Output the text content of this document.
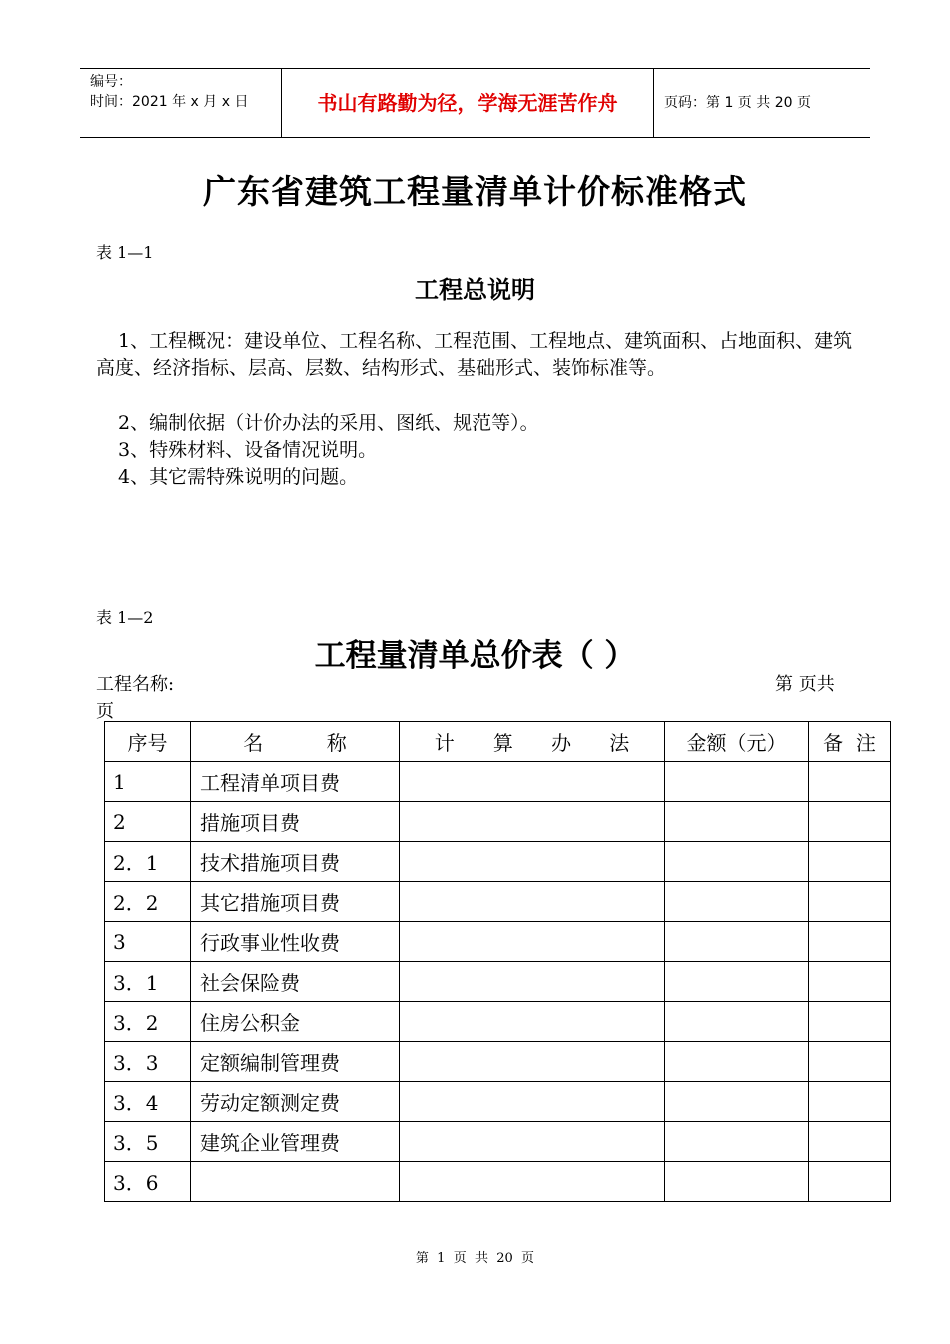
编号：
时间：2021 年 x 月 x 日	书山有路勤为径，学海无涯苦作舟	页码：第 1 页 共 20 页
广东省建筑工程量清单计价标准格式
表 1—1
工程总说明
1、工程概况：建设单位、工程名称、工程范围、工程地点、建筑面积、占地面积、建筑高度、经济指标、层高、层数、结构形式、基础形式、装饰标准等。
2、编制依据（计价办法的采用、图纸、规范等）。
3、特殊材料、设备情况说明。
4、其它需特殊说明的问题。
表 1—2
工程量清单总价表（ ）
工程名称:	第 页共
页
序号	名          称	计      算      办      法	金额（元）	备  注
1	工程清单项目费			
2	措施项目费			
2．1	技术措施项目费			
2．2	其它措施项目费			
3	行政事业性收费			
3．1	社会保险费			
3．2	住房公积金			
3．3	定额编制管理费			
3．4	劳动定额测定费			
3．5	建筑企业管理费			
3．6				
第  1  页  共  20  页
